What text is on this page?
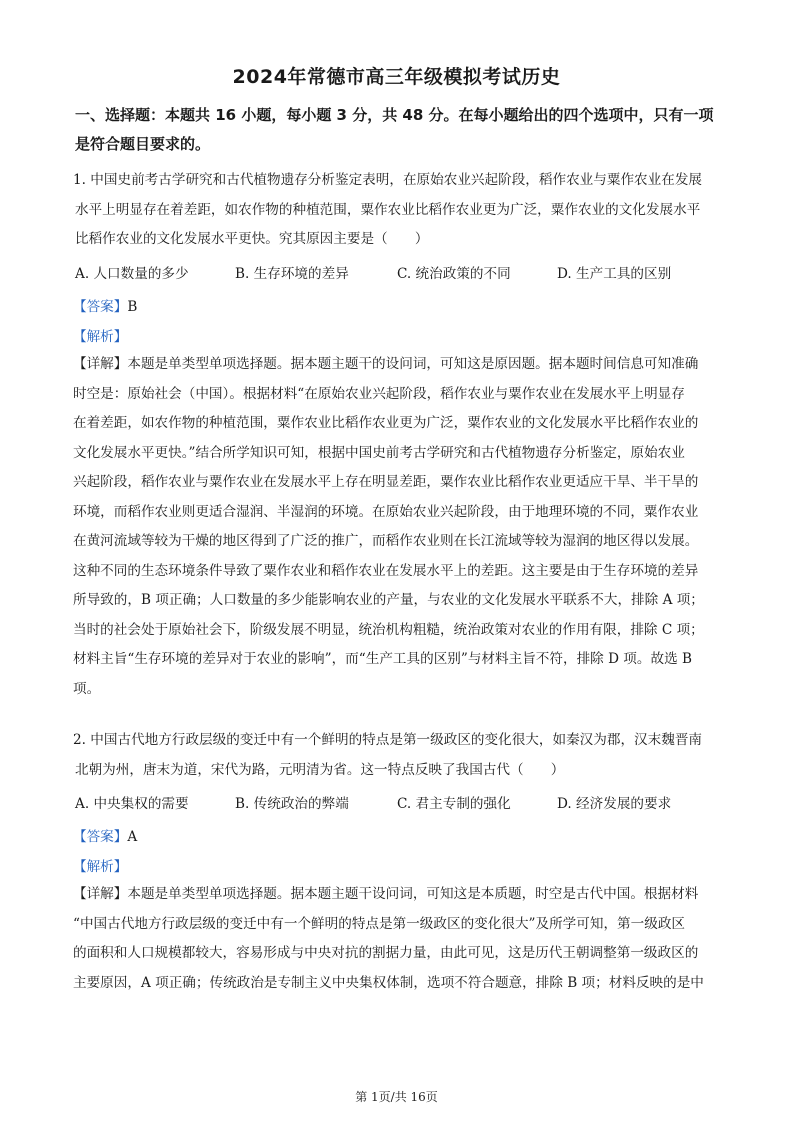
2024年常德市高三年级模拟考试历史
一、选择题：本题共 16 小题，每小题 3 分，共 48 分。在每小题给出的四个选项中，只有一项
是符合题目要求的。
1. 中国史前考古学研究和古代植物遗存分析鉴定表明，在原始农业兴起阶段，稻作农业与粟作农业在发展
水平上明显存在着差距，如农作物的种植范围，粟作农业比稻作农业更为广泛，粟作农业的文化发展水平
比稻作农业的文化发展水平更快。究其原因主要是（　　）
A. 人口数量的多少	B. 生存环境的差异	C. 统治政策的不同	D. 生产工具的区别
【答案】B
【解析】
【详解】本题是单类型单项选择题。据本题主题干的设问词，可知这是原因题。据本题时间信息可知准确
时空是：原始社会（中国）。根据材料“在原始农业兴起阶段，稻作农业与粟作农业在发展水平上明显存
在着差距，如农作物的种植范围，粟作农业比稻作农业更为广泛，粟作农业的文化发展水平比稻作农业的
文化发展水平更快。”结合所学知识可知，根据中国史前考古学研究和古代植物遗存分析鉴定，原始农业
兴起阶段，稻作农业与粟作农业在发展水平上存在明显差距，粟作农业比稻作农业更适应干旱、半干旱的
环境，而稻作农业则更适合湿润、半湿润的环境。在原始农业兴起阶段，由于地理环境的不同，粟作农业
在黄河流域等较为干燥的地区得到了广泛的推广，而稻作农业则在长江流域等较为湿润的地区得以发展。
这种不同的生态环境条件导致了粟作农业和稻作农业在发展水平上的差距。这主要是由于生存环境的差异
所导致的，B 项正确；人口数量的多少能影响农业的产量，与农业的文化发展水平联系不大，排除 A 项；
当时的社会处于原始社会下，阶级发展不明显，统治机构粗糙，统治政策对农业的作用有限，排除 C 项；
材料主旨“生存环境的差异对于农业的影响”，而“生产工具的区别”与材料主旨不符，排除 D 项。故选 B
项。
2. 中国古代地方行政层级的变迁中有一个鲜明的特点是第一级政区的变化很大，如秦汉为郡，汉末魏晋南
北朝为州，唐末为道，宋代为路，元明清为省。这一特点反映了我国古代（　　）
A. 中央集权的需要	B. 传统政治的弊端	C. 君主专制的强化	D. 经济发展的要求
【答案】A
【解析】
【详解】本题是单类型单项选择题。据本题主题干设问词，可知这是本质题，时空是古代中国。根据材料
“中国古代地方行政层级的变迁中有一个鲜明的特点是第一级政区的变化很大”及所学可知，第一级政区
的面积和人口规模都较大，容易形成与中央对抗的割据力量，由此可见，这是历代王朝调整第一级政区的
主要原因，A 项正确；传统政治是专制主义中央集权体制，选项不符合题意，排除 B 项；材料反映的是中
第 1页/共 16页
